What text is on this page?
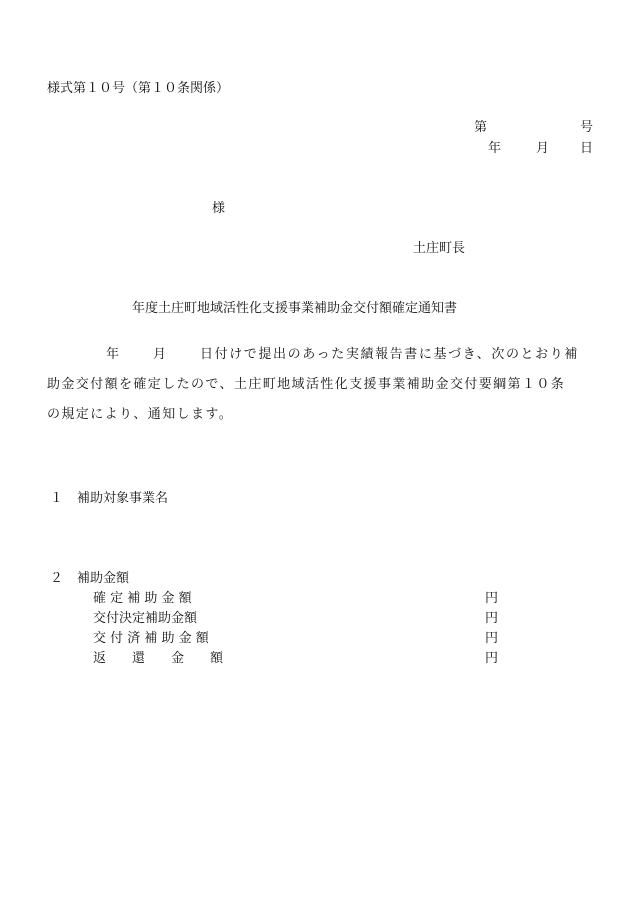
様式第１０号（第１０条関係）
第	号
年	月 日
様
土庄町長
年度土庄町地域活性化支援事業補助金交付額確定通知書
年	月	日付けで提出のあった実績報告書に基づき、次のとおり補
助金交付額を確定したので、土庄町地域活性化支援事業補助金交付要綱第１０条
の規定により、通知します。
１ 補助対象事業名
２ 補助金額
確 定 補 助 金 額	円
交付決定補助金額	円
交 付 済 補 助 金 額	円
返　　還　　金　　額	円
